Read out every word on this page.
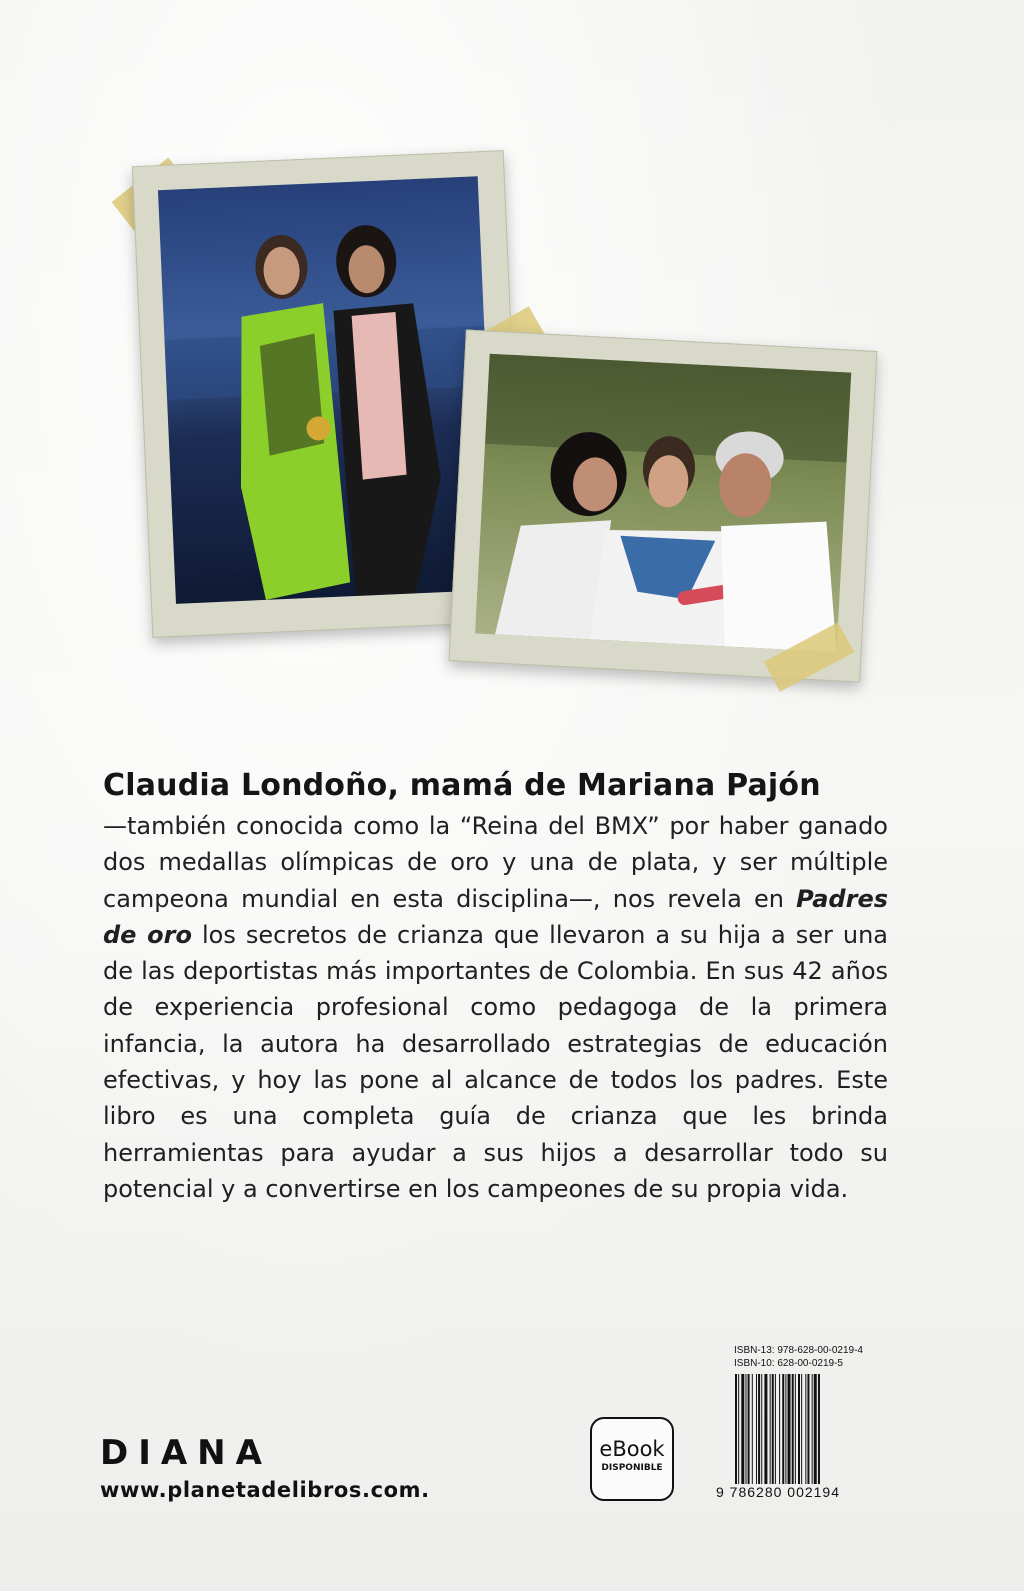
Claudia Londoño, mamá de Mariana Pajón

—también conocida como la “Reina del BMX” por haber ganado dos medallas olímpicas de oro y una de plata, y ser múltiple campeona mundial en esta disciplina—, nos revela en Padres de oro los secretos de crianza que llevaron a su hija a ser una de las deportistas más importantes de Colombia. En sus 42 años de experiencia profesional como pedagoga de la primera infancia, la autora ha desarrollado estrategias de educación efectivas, y hoy las pone al alcance de todos los padres. Este libro es una completa guía de crianza que les brinda herramientas para ayudar a sus hijos a desarrollar todo su potencial y a convertirse en los campeones de su propia vida.

DIANA
www.planetadelibros.com.
eBook
DISPONIBLE
ISBN-13: 978-628-00-0219-4
ISBN-10: 628-00-0219-5
9 786280 002194
